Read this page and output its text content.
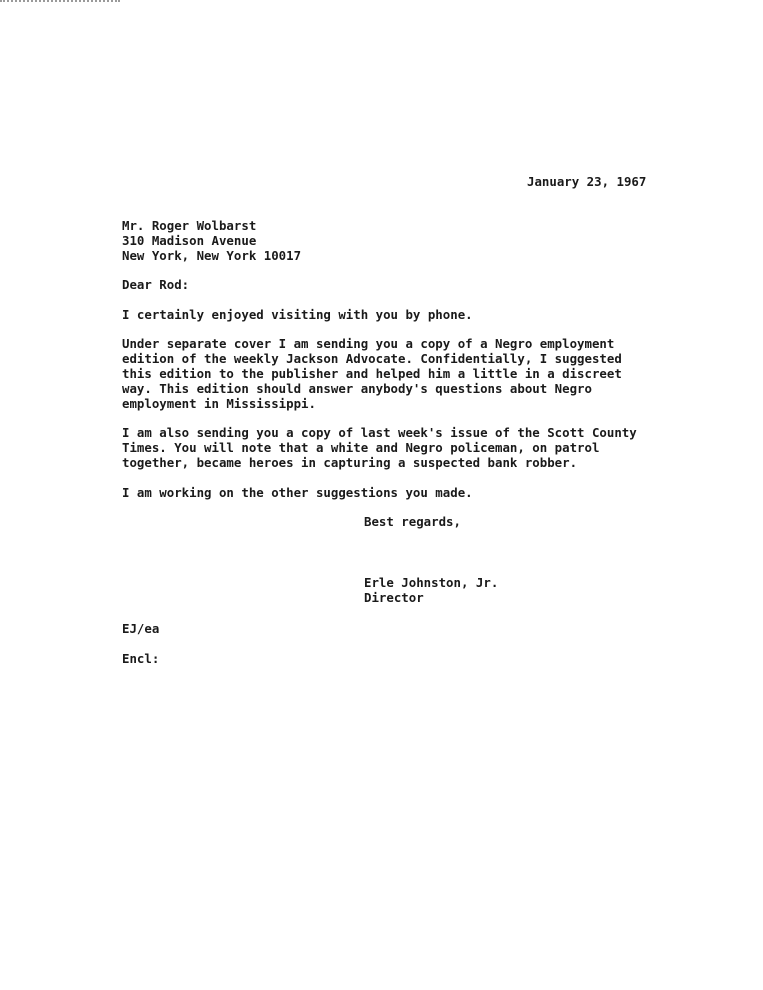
January 23, 1967
Mr. Roger Wolbarst
310 Madison Avenue
New York, New York 10017
Dear Rod:
I certainly enjoyed visiting with you by phone.
Under separate cover I am sending you a copy of a Negro employment
edition of the weekly Jackson Advocate. Confidentially, I suggested
this edition to the publisher and helped him a little in a discreet
way. This edition should answer anybody's questions about Negro
employment in Mississippi.
I am also sending you a copy of last week's issue of the Scott County
Times. You will note that a white and Negro policeman, on patrol
together, became heroes in capturing a suspected bank robber.
I am working on the other suggestions you made.
Best regards,
Erle Johnston, Jr.
Director
EJ/ea
Encl:
